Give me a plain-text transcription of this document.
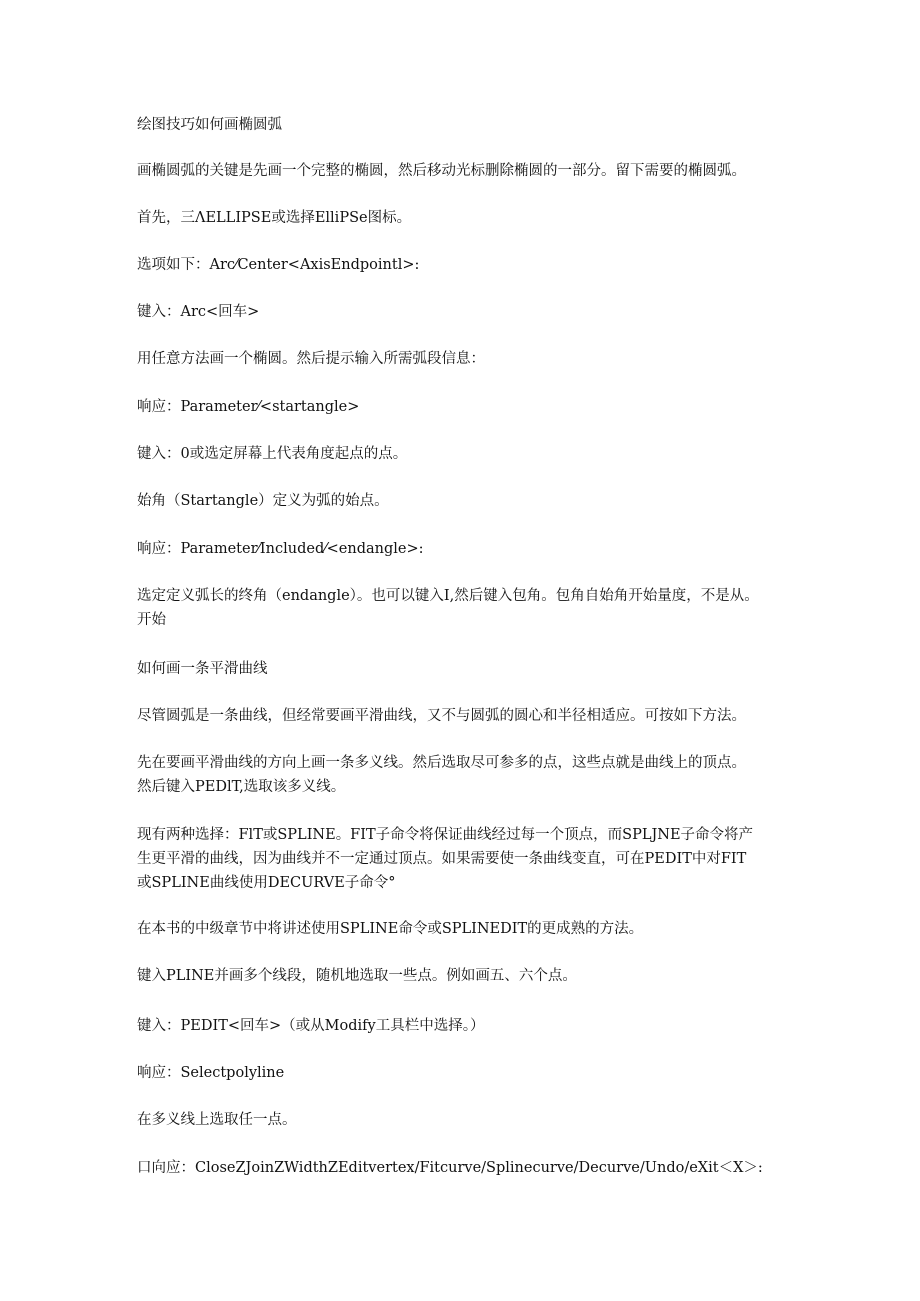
绘图技巧如何画椭圆弧

画椭圆弧的关键是先画一个完整的椭圆，然后移动光标删除椭圆的一部分。留下需要的椭圆弧。

首先，三ΛELLIPSE或选择ElliPSe图标。

选项如下：Arc⁄Center<AxisEndpointl>:

键入：Arc<回车>

用任意方法画一个椭圆。然后提示输入所需弧段信息：

响应：Parameter⁄<startangle>

键入：0或选定屏幕上代表角度起点的点。

始角（Startangle）定义为弧的始点。

响应：Parameter⁄Included⁄<endangle>:

选定定义弧长的终角（endangle）。也可以键入I,然后键入包角。包角自始角开始量度，不是从。

开始

如何画一条平滑曲线

尽管圆弧是一条曲线，但经常要画平滑曲线，又不与圆弧的圆心和半径相适应。可按如下方法。

先在要画平滑曲线的方向上画一条多义线。然后选取尽可参多的点，这些点就是曲线上的顶点。

然后键入PEDlT,选取该多义线。

现有两种选择：FlT或SPLINE。FIT子命令将保证曲线经过每一个顶点，而SPLJNE子命令将产

生更平滑的曲线，因为曲线并不一定通过顶点。如果需要使一条曲线变直，可在PEDIT中对FIT

或SPLINE曲线使用DECURVE子命令°

在本书的中级章节中将讲述使用SPLINE命令或SPLINEDIT的更成熟的方法。

键入PLINE并画多个线段，随机地选取一些点。例如画五、六个点。

键入：PEDIT<回车>（或从Modify工具栏中选择。）

响应：Selectpolyline

在多义线上选取任一点。

口向应：CloseZJoinZWidthZEditvertex/Fitcurve/Splinecurve/Decurve/Undo/eXit＜X＞:
